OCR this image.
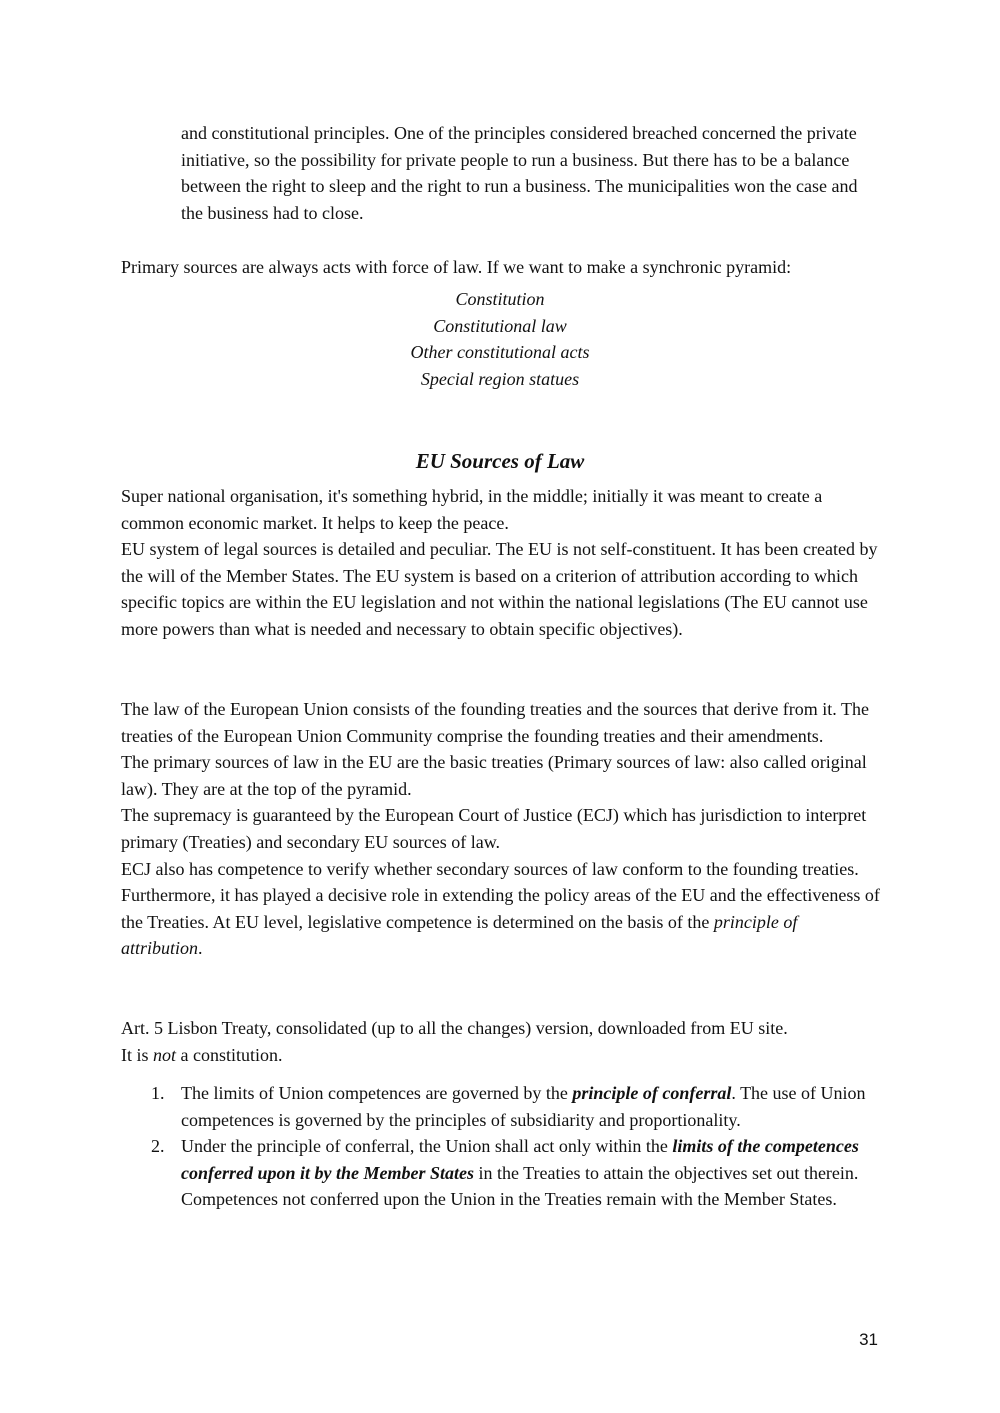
and constitutional principles. One of the principles considered breached concerned the private initiative, so the possibility for private people to run a business. But there has to be a balance between the right to sleep and the right to run a business. The municipalities won the case and the business had to close.

Primary sources are always acts with force of law. If we want to make a synchronic pyramid:

Constitution
Constitutional law
Other constitutional acts
Special region statues
EU Sources of Law

Super national organisation, it's something hybrid, in the middle; initially it was meant to create a common economic market. It helps to keep the peace.

EU system of legal sources is detailed and peculiar. The EU is not self-constituent. It has been created by the will of the Member States. The EU system is based on a criterion of attribution according to which specific topics are within the EU legislation and not within the national legislations (The EU cannot use more powers than what is needed and necessary to obtain specific objectives).

The law of the European Union consists of the founding treaties and the sources that derive from it. The treaties of the European Union Community comprise the founding treaties and their amendments.

The primary sources of law in the EU are the basic treaties (Primary sources of law: also called original law). They are at the top of the pyramid.

The supremacy is guaranteed by the European Court of Justice (ECJ) which has jurisdiction to interpret primary (Treaties) and secondary EU sources of law.

ECJ also has competence to verify whether secondary sources of law conform to the founding treaties. Furthermore, it has played a decisive role in extending the policy areas of the EU and the effectiveness of the Treaties. At EU level, legislative competence is determined on the basis of the principle of attribution.

Art. 5 Lisbon Treaty, consolidated (up to all the changes) version, downloaded from EU site.

It is not a constitution.

1. The limits of Union competences are governed by the principle of conferral. The use of Union competences is governed by the principles of subsidiarity and proportionality.
2. Under the principle of conferral, the Union shall act only within the limits of the competences conferred upon it by the Member States in the Treaties to attain the objectives set out therein. Competences not conferred upon the Union in the Treaties remain with the Member States.
31
